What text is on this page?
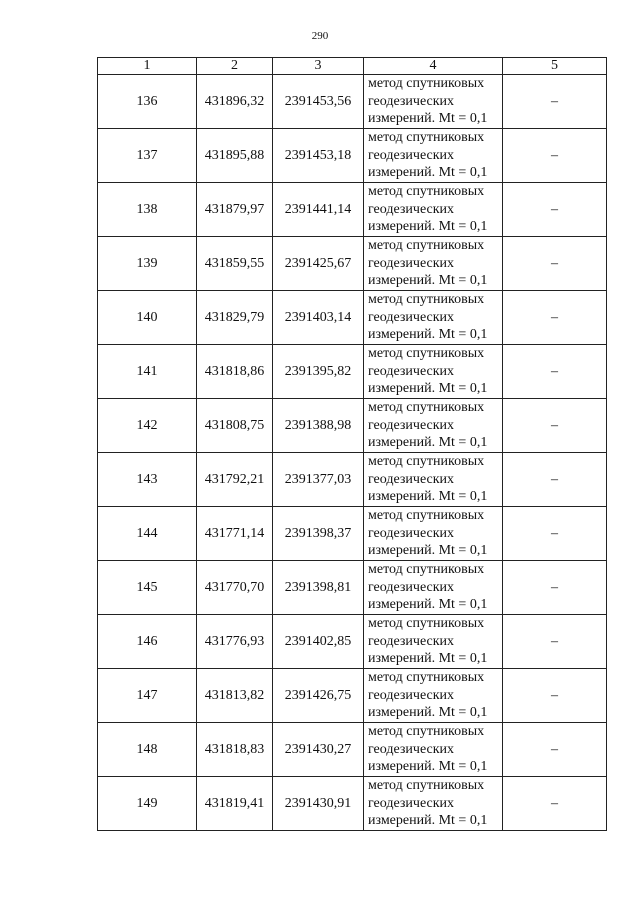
290
1	2	3	4	5
136	431896,32	2391453,56	метод спутниковых
геодезических
измерений. Mt = 0,1	–
137	431895,88	2391453,18	метод спутниковых
геодезических
измерений. Mt = 0,1	–
138	431879,97	2391441,14	метод спутниковых
геодезических
измерений. Mt = 0,1	–
139	431859,55	2391425,67	метод спутниковых
геодезических
измерений. Mt = 0,1	–
140	431829,79	2391403,14	метод спутниковых
геодезических
измерений. Mt = 0,1	–
141	431818,86	2391395,82	метод спутниковых
геодезических
измерений. Mt = 0,1	–
142	431808,75	2391388,98	метод спутниковых
геодезических
измерений. Mt = 0,1	–
143	431792,21	2391377,03	метод спутниковых
геодезических
измерений. Mt = 0,1	–
144	431771,14	2391398,37	метод спутниковых
геодезических
измерений. Mt = 0,1	–
145	431770,70	2391398,81	метод спутниковых
геодезических
измерений. Mt = 0,1	–
146	431776,93	2391402,85	метод спутниковых
геодезических
измерений. Mt = 0,1	–
147	431813,82	2391426,75	метод спутниковых
геодезических
измерений. Mt = 0,1	–
148	431818,83	2391430,27	метод спутниковых
геодезических
измерений. Mt = 0,1	–
149	431819,41	2391430,91	метод спутниковых
геодезических
измерений. Mt = 0,1	–
